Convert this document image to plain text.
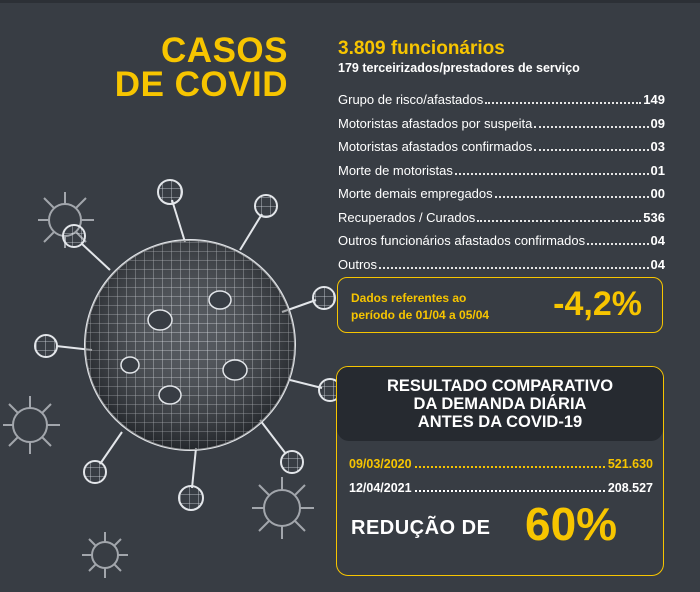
CASOS
DE COVID
3.809 funcionários
179 terceirizados/prestadores de serviço
Grupo de risco/afastados	149
Motoristas afastados por suspeita	09
Motoristas afastados confirmados	03
Morte de motoristas	01
Morte demais empregados	00
Recuperados / Curados	536
Outros funcionários afastados confirmados	04
Outros	04
Dados referentes ao
período de 01/04 a 05/04 -4,2%
RESULTADO COMPARATIVO
DA DEMANDA DIÁRIA
ANTES DA COVID-19
09/03/2020	521.630
12/04/2021	208.527
REDUÇÃO DE 60%
